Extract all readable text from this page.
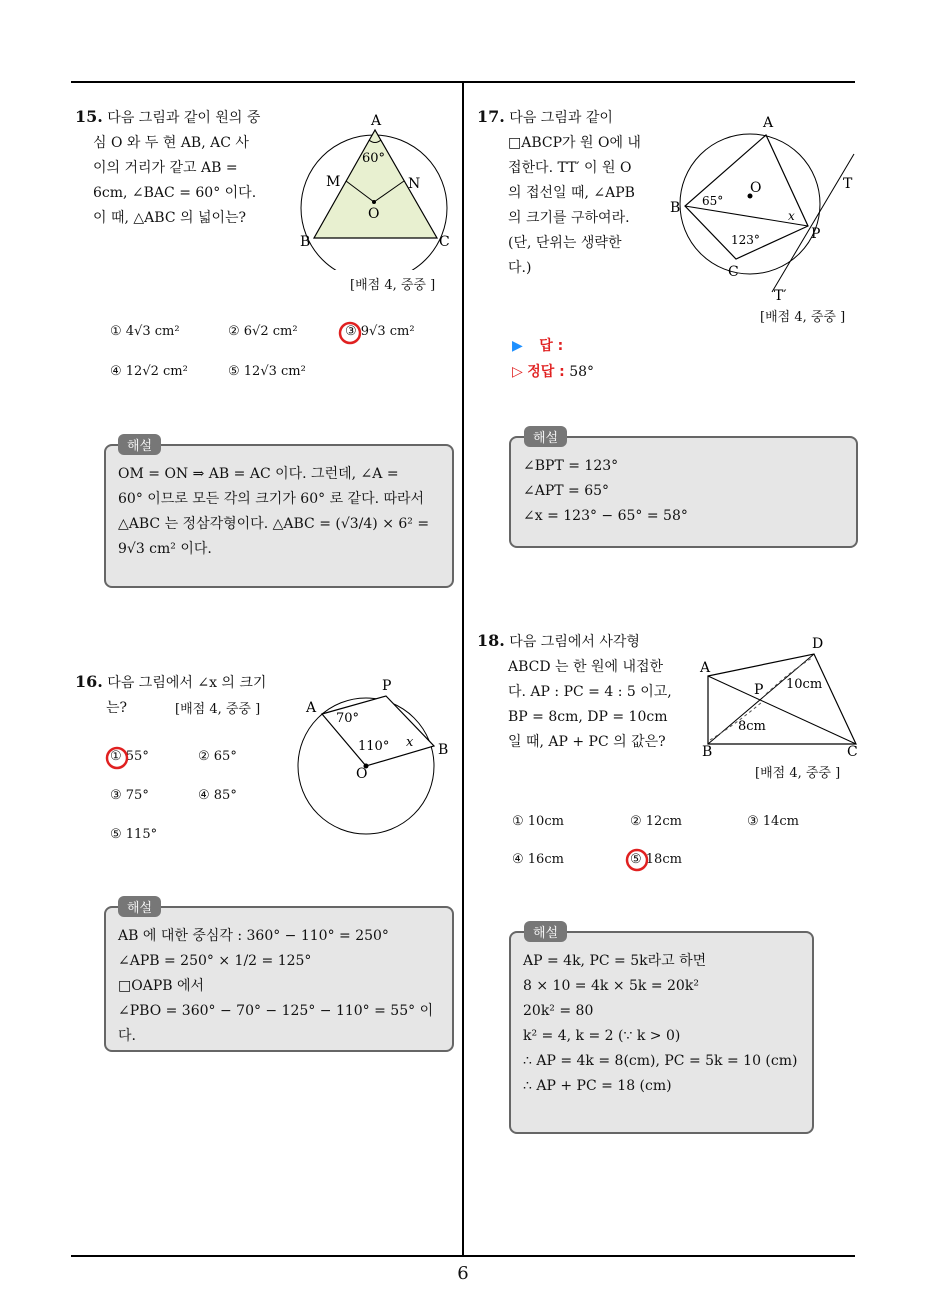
15. 다음 그림과 같이 원의 중
심 O 와 두 현 AB, AC 사
이의 거리가 같고 AB =
6cm, ∠BAC = 60° 이다.
이 때, △ABC 의 넓이는?
A
60°
M	N
O
B	C
[배점 4, 중중 ]
① 4√3 cm²	② 6√2 cm²	③ 9√3 cm²
④ 12√2 cm²	⑤ 12√3 cm²
OM = ON ⇒ AB = AC 이다. 그런데, ∠A =
60° 이므로 모든 각의 크기가 60° 로 같다. 따라서
△ABC 는 정삼각형이다. △ABC = (√3/4) × 6² =
9√3 cm² 이다.
해설
16. 다음 그림에서 ∠x 의 크기
는?	[배점 4, 중중 ]	A
P
B
O
70°
110° x
① 55°	② 65°
③ 75°	④ 85°
⑤ 115°
AB 에 대한 중심각 : 360° − 110° = 250°
∠APB = 250° × 1/2 = 125°
□OAPB 에서
∠PBO = 360° − 70° − 125° − 110° = 55° 이다.
해설
17. 다음 그림과 같이
□ABCP가 원 O에 내
접한다. TT′ 이 원 O
의 접선일 때, ∠APB
의 크기를 구하여라.
(단, 단위는 생략한
다.)
A
B
C
P
O	T
T′
65°
123°
x
[배점 4, 중중 ]
▶ 답 :
▷ 정답 : 58°
∠BPT = 123°
∠APT = 65°
∠x = 123° − 65° = 58°
해설
18. 다음 그림에서 사각형
ABCD 는 한 원에 내접한
다. AP : PC = 4 : 5 이고,
BP = 8cm, DP = 10cm
일 때, AP + PC 의 값은?
A
D
B	C
P 10cm
8cm
[배점 4, 중중 ]
① 10cm	② 12cm	③ 14cm
④ 16cm	⑤ 18cm
AP = 4k, PC = 5k라고 하면
8 × 10 = 4k × 5k = 20k²
20k² = 80
k² = 4, k = 2 (∵ k > 0)
∴ AP = 4k = 8(cm), PC = 5k = 10 (cm)
∴ AP + PC = 18 (cm)
해설
6
